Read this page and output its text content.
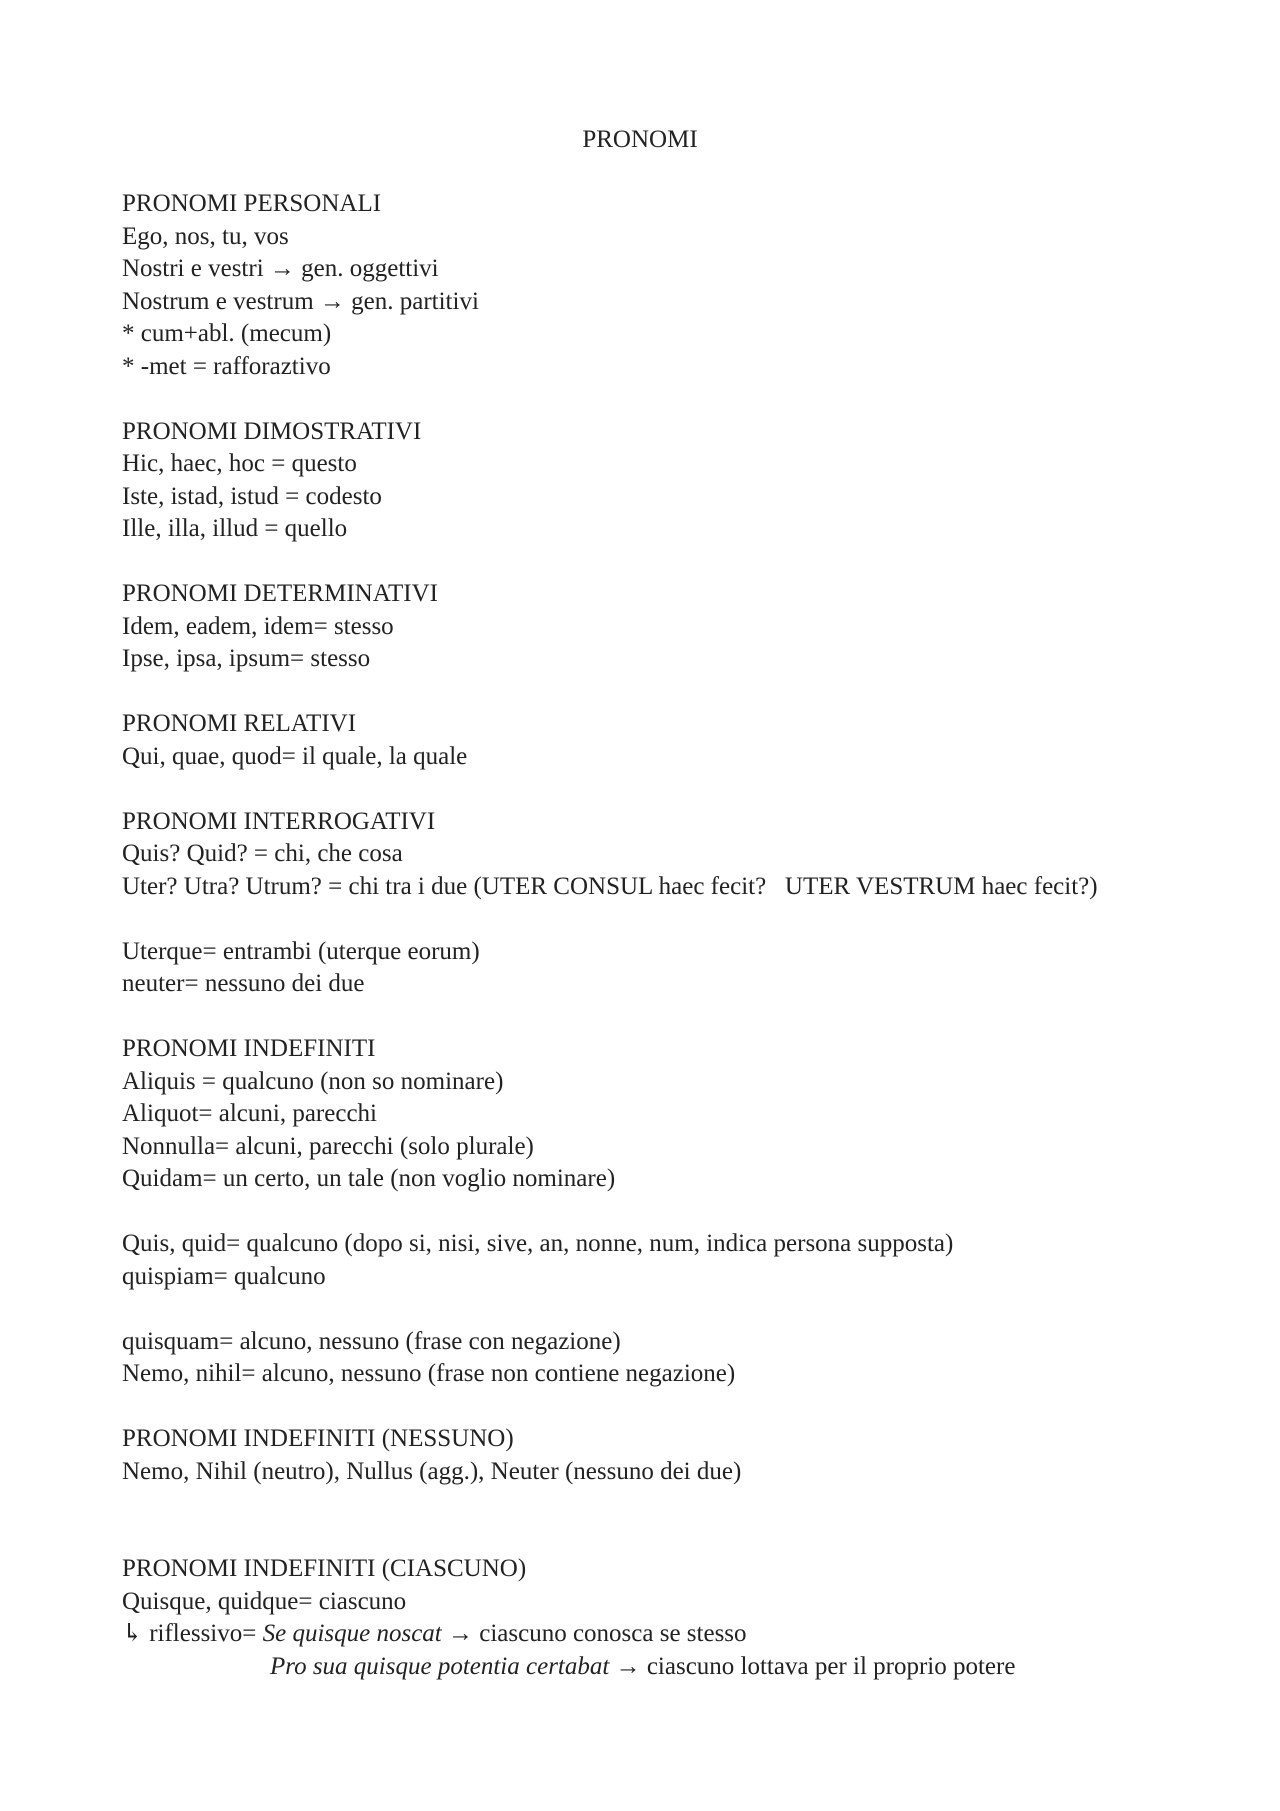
PRONOMI
PRONOMI PERSONALI
Ego, nos, tu, vos
Nostri e vestri → gen. oggettivi
Nostrum e vestrum → gen. partitivi
* cum+abl. (mecum)
* -met = rafforaztivo
PRONOMI DIMOSTRATIVI
Hic, haec, hoc = questo
Iste, istad, istud = codesto
Ille, illa, illud = quello
PRONOMI DETERMINATIVI
Idem, eadem, idem= stesso
Ipse, ipsa, ipsum= stesso
PRONOMI RELATIVI
Qui, quae, quod= il quale, la quale
PRONOMI INTERROGATIVI
Quis? Quid? = chi, che cosa
Uter? Utra? Utrum? = chi tra i due (UTER CONSUL haec fecit?   UTER VESTRUM haec fecit?)
Uterque= entrambi (uterque eorum)
neuter= nessuno dei due
PRONOMI INDEFINITI
Aliquis = qualcuno (non so nominare)
Aliquot= alcuni, parecchi
Nonnulla= alcuni, parecchi (solo plurale)
Quidam= un certo, un tale (non voglio nominare)
Quis, quid= qualcuno (dopo si, nisi, sive, an, nonne, num, indica persona supposta)
quispiam= qualcuno
quisquam= alcuno, nessuno (frase con negazione)
Nemo, nihil= alcuno, nessuno (frase non contiene negazione)
PRONOMI INDEFINITI (NESSUNO)
Nemo, Nihil (neutro), Nullus (agg.), Neuter (nessuno dei due)
PRONOMI INDEFINITI (CIASCUNO)
Quisque, quidque= ciascuno
↳ riflessivo= Se quisque noscat → ciascuno conosca se stesso
Pro sua quisque potentia certabat → ciascuno lottava per il proprio potere
